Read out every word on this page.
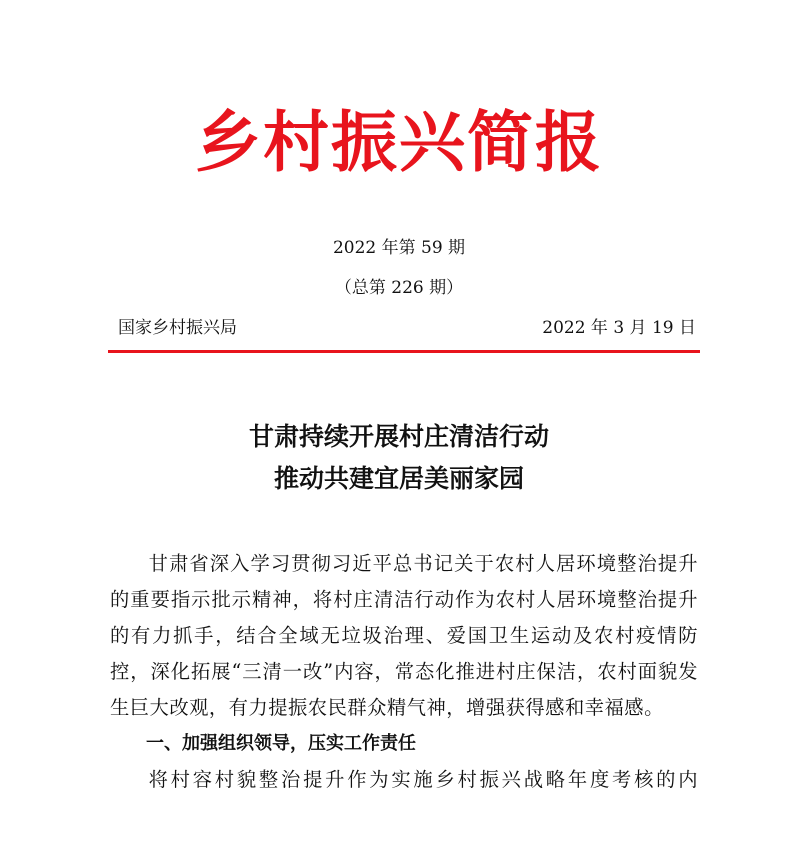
乡村振兴简报
2022 年第 59 期
（总第 226 期）
国家乡村振兴局	2022 年 3 月 19 日
甘肃持续开展村庄清洁行动
推动共建宜居美丽家园

甘肃省深入学习贯彻习近平总书记关于农村人居环境整治提升的重要指示批示精神，将村庄清洁行动作为农村人居环境整治提升的有力抓手，结合全域无垃圾治理、爱国卫生运动及农村疫情防控，深化拓展“三清一改”内容，常态化推进村庄保洁，农村面貌发生巨大改观，有力提振农民群众精气神，增强获得感和幸福感。

一、加强组织领导，压实工作责任

将村容村貌整治提升作为实施乡村振兴战略年度考核的内
